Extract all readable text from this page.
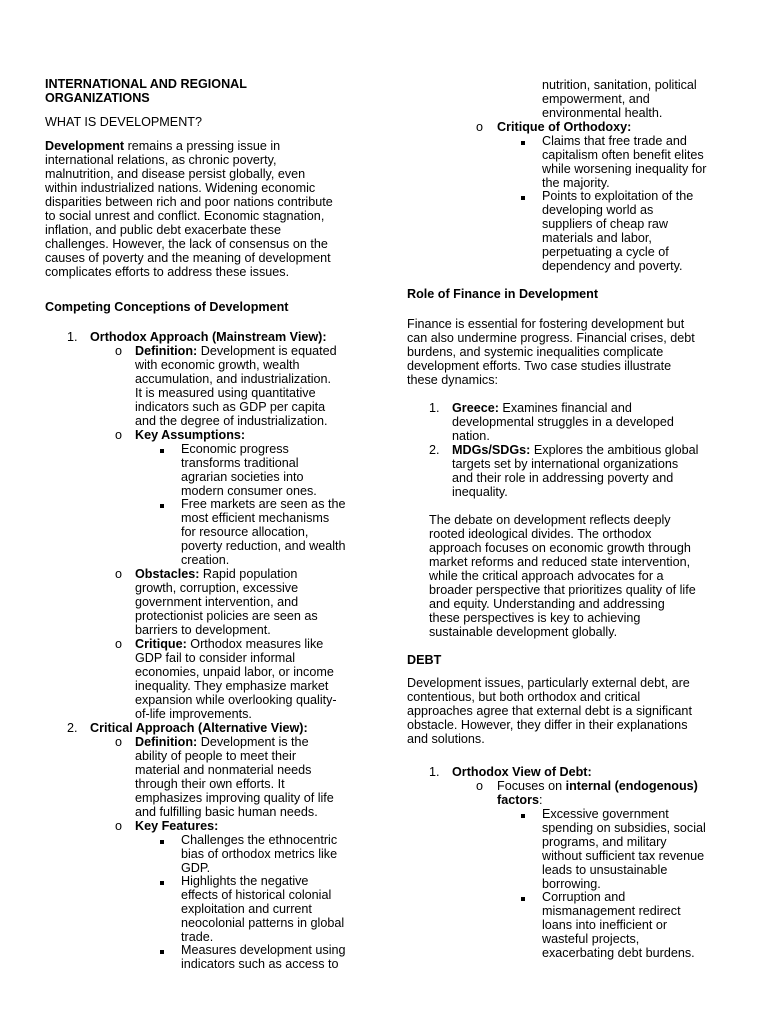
INTERNATIONAL AND REGIONAL
ORGANIZATIONS
WHAT IS DEVELOPMENT?
Development remains a pressing issue in
international relations, as chronic poverty,
malnutrition, and disease persist globally, even
within industrialized nations. Widening economic
disparities between rich and poor nations contribute
to social unrest and conflict. Economic stagnation,
inflation, and public debt exacerbate these
challenges. However, the lack of consensus on the
causes of poverty and the meaning of development
complicates efforts to address these issues.
Competing Conceptions of Development
1. Orthodox Approach (Mainstream View):
o Definition: Development is equated
with economic growth, wealth
accumulation, and industrialization.
It is measured using quantitative
indicators such as GDP per capita
and the degree of industrialization.
o Key Assumptions:
Economic progress
transforms traditional
agrarian societies into
modern consumer ones.
Free markets are seen as the
most efficient mechanisms
for resource allocation,
poverty reduction, and wealth
creation.
o Obstacles: Rapid population
growth, corruption, excessive
government intervention, and
protectionist policies are seen as
barriers to development.
o Critique: Orthodox measures like
GDP fail to consider informal
economies, unpaid labor, or income
inequality. They emphasize market
expansion while overlooking quality-
of-life improvements.
2. Critical Approach (Alternative View):
o Definition: Development is the
ability of people to meet their
material and nonmaterial needs
through their own efforts. It
emphasizes improving quality of life
and fulfilling basic human needs.
o Key Features:
Challenges the ethnocentric
bias of orthodox metrics like
GDP.
Highlights the negative
effects of historical colonial
exploitation and current
neocolonial patterns in global
trade.
Measures development using
indicators such as access to
nutrition, sanitation, political
empowerment, and
environmental health.
o Critique of Orthodoxy:
Claims that free trade and
capitalism often benefit elites
while worsening inequality for
the majority.
Points to exploitation of the
developing world as
suppliers of cheap raw
materials and labor,
perpetuating a cycle of
dependency and poverty.
Role of Finance in Development
Finance is essential for fostering development but
can also undermine progress. Financial crises, debt
burdens, and systemic inequalities complicate
development efforts. Two case studies illustrate
these dynamics:
1. Greece: Examines financial and
developmental struggles in a developed
nation.
2. MDGs/SDGs: Explores the ambitious global
targets set by international organizations
and their role in addressing poverty and
inequality.
The debate on development reflects deeply
rooted ideological divides. The orthodox
approach focuses on economic growth through
market reforms and reduced state intervention,
while the critical approach advocates for a
broader perspective that prioritizes quality of life
and equity. Understanding and addressing
these perspectives is key to achieving
sustainable development globally.
DEBT
Development issues, particularly external debt, are
contentious, but both orthodox and critical
approaches agree that external debt is a significant
obstacle. However, they differ in their explanations
and solutions.
1. Orthodox View of Debt:
o Focuses on internal (endogenous)
factors:
Excessive government
spending on subsidies, social
programs, and military
without sufficient tax revenue
leads to unsustainable
borrowing.
Corruption and
mismanagement redirect
loans into inefficient or
wasteful projects,
exacerbating debt burdens.
